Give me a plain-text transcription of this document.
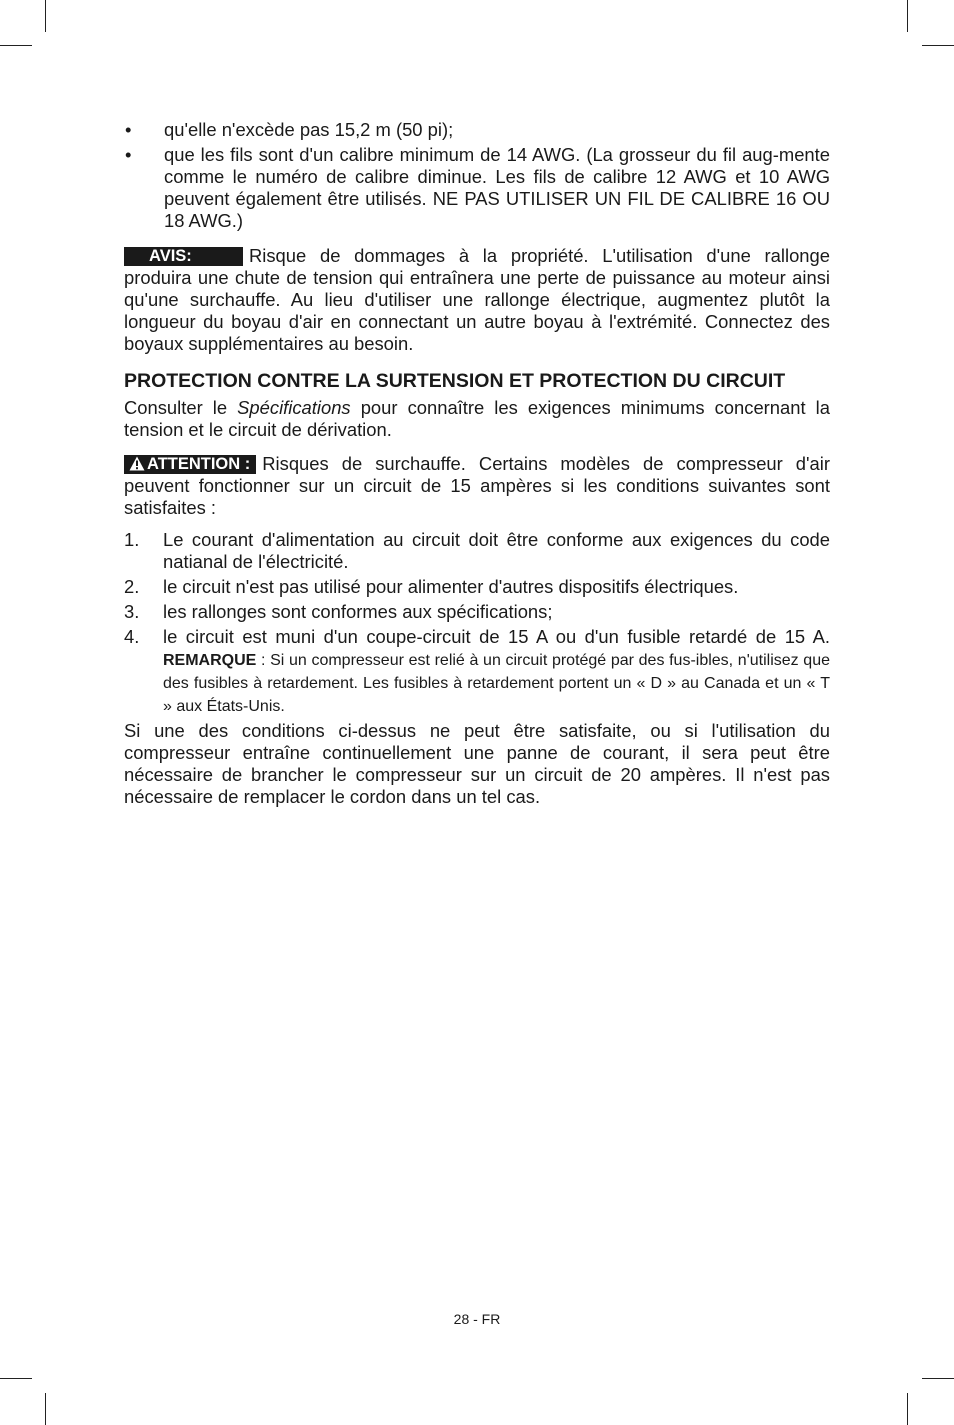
•	qu'elle n'excède pas 15,2 m (50 pi);
•	que les fils sont d'un calibre minimum de 14 AWG. (La grosseur du fil aug-mente comme le numéro de calibre diminue. Les fils de calibre 12 AWG et 10 AWG peuvent également être utilisés. NE PAS UTILISER UN FIL DE CALIBRE 16 OU 18 AWG.)

AVIS:	Risque de dommages à la propriété. L'utilisation d'une rallonge produira une chute de tension qui entraînera une perte de puissance au moteur ainsi qu'une surchauffe. Au lieu d'utiliser une rallonge électrique, augmentez plutôt la longueur du boyau d'air en connectant un autre boyau à l'extrémité. Connectez des boyaux supplémentaires au besoin.

PROTECTION CONTRE LA SURTENSION ET PROTECTION DU CIRCUIT

Consulter le Spécifications pour connaître les exigences minimums concernant la tension et le circuit de dérivation.

ATTENTION : Risques de surchauffe. Certains modèles de compresseur d'air peuvent fonctionner sur un circuit de 15 ampères si les conditions suivantes sont satisfaites :

1.	Le courant d'alimentation au circuit doit être conforme aux exigences du code natianal de l'électricité.
2.	le circuit n'est pas utilisé pour alimenter d'autres dispositifs électriques.
3.	les rallonges sont conformes aux spécifications;
4.	le circuit est muni d'un coupe-circuit de 15 A ou d'un fusible retardé de 15 A. REMARQUE : Si un compresseur est relié à un circuit protégé par des fus-ibles, n'utilisez que des fusibles à retardement. Les fusibles à retardement portent un « D » au Canada et un « T » aux États-Unis.

Si une des conditions ci-dessus ne peut être satisfaite, ou si l'utilisation du compresseur entraîne continuellement une panne de courant, il sera peut être nécessaire de brancher le compresseur sur un circuit de 20 ampères. Il n'est pas nécessaire de remplacer le cordon dans un tel cas.

28 - FR
